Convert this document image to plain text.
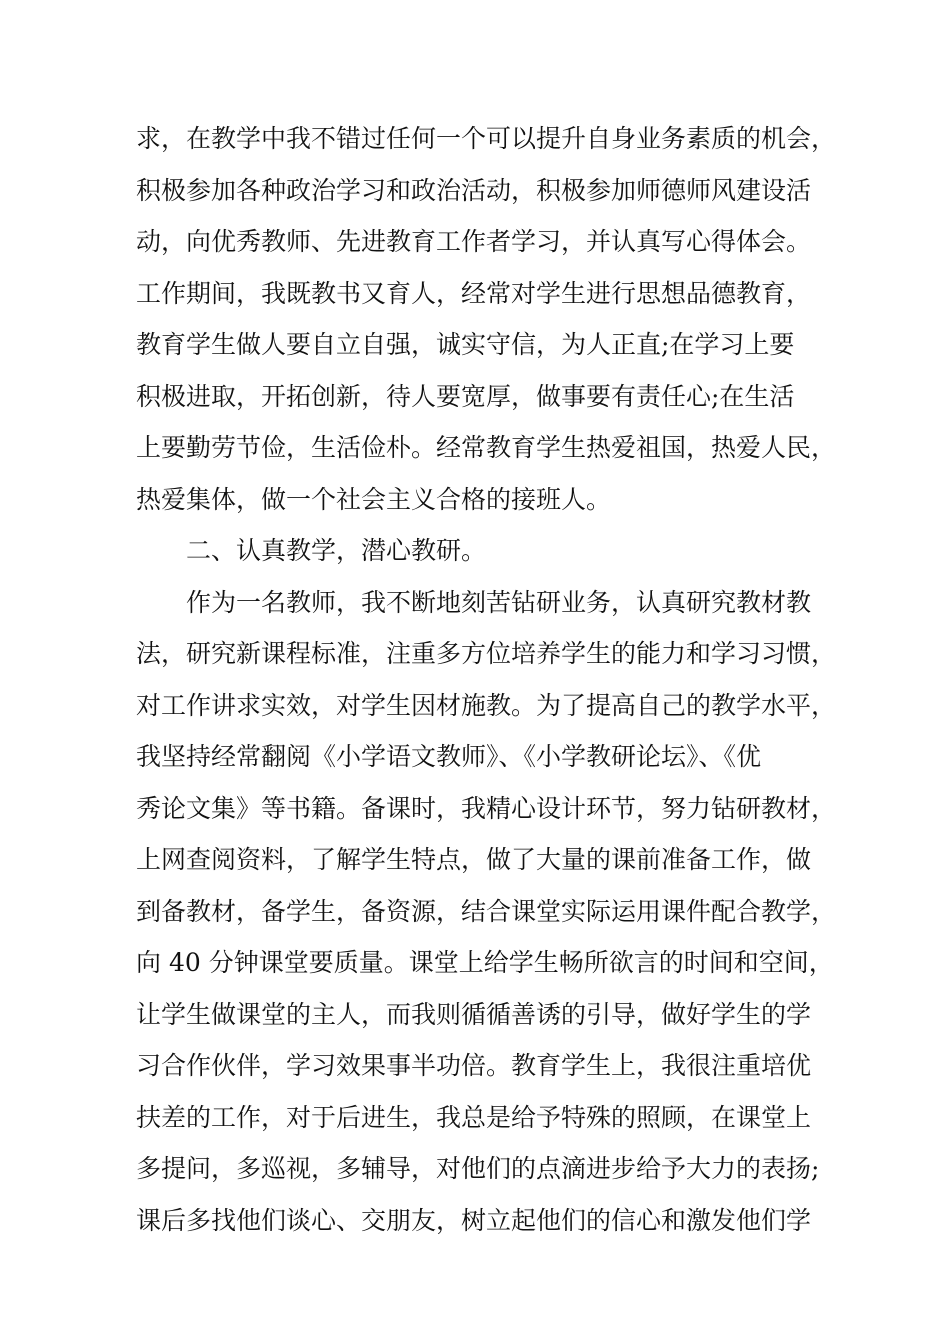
求，在教学中我不错过任何一个可以提升自身业务素质的机会，
积极参加各种政治学习和政治活动，积极参加师德师风建设活
动，向优秀教师、先进教育工作者学习，并认真写心得体会。
工作期间，我既教书又育人，经常对学生进行思想品德教育，
教育学生做人要自立自强，诚实守信，为人正直;在学习上要
积极进取，开拓创新，待人要宽厚，做事要有责任心;在生活
上要勤劳节俭，生活俭朴。经常教育学生热爱祖国，热爱人民，
热爱集体，做一个社会主义合格的接班人。
二、认真教学，潜心教研。
作为一名教师，我不断地刻苦钻研业务，认真研究教材教
法，研究新课程标准，注重多方位培养学生的能力和学习习惯，
对工作讲求实效，对学生因材施教。为了提高自己的教学水平，
我坚持经常翻阅《小学语文教师》、《小学教研论坛》、《优
秀论文集》等书籍。备课时，我精心设计环节，努力钻研教材，
上网查阅资料，了解学生特点，做了大量的课前准备工作，做
到备教材，备学生，备资源，结合课堂实际运用课件配合教学，
向 40 分钟课堂要质量。课堂上给学生畅所欲言的时间和空间，
让学生做课堂的主人，而我则循循善诱的引导，做好学生的学
习合作伙伴，学习效果事半功倍。教育学生上，我很注重培优
扶差的工作，对于后进生，我总是给予特殊的照顾，在课堂上
多提问，多巡视，多辅导，对他们的点滴进步给予大力的表扬;
课后多找他们谈心、交朋友，树立起他们的信心和激发他们学
